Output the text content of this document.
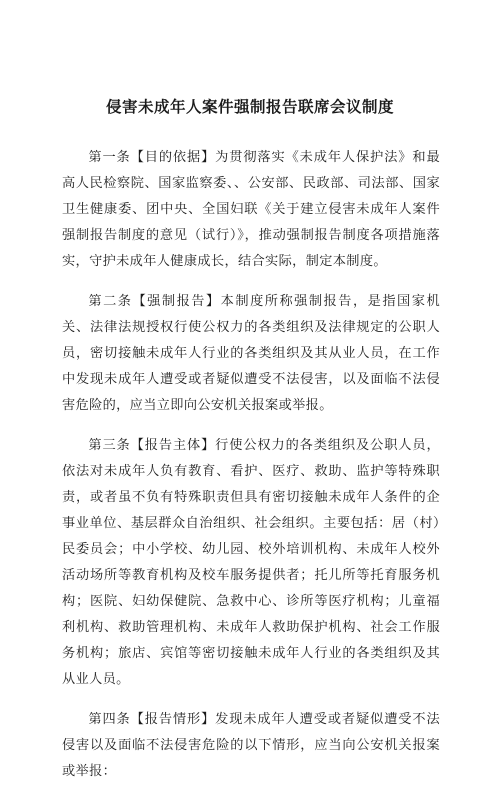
侵害未成年人案件强制报告联席会议制度

第一条【目的依据】为贯彻落实《未成年人保护法》和最高人民检察院、国家监察委、、公安部、民政部、司法部、国家卫生健康委、团中央、全国妇联《关于建立侵害未成年人案件强制报告制度的意见（试行）》，推动强制报告制度各项措施落实，守护未成年人健康成长，结合实际，制定本制度。

第二条【强制报告】本制度所称强制报告，是指国家机关、法律法规授权行使公权力的各类组织及法律规定的公职人员，密切接触未成年人行业的各类组织及其从业人员，在工作中发现未成年人遭受或者疑似遭受不法侵害，以及面临不法侵害危险的，应当立即向公安机关报案或举报。

第三条【报告主体】行使公权力的各类组织及公职人员，依法对未成年人负有教育、看护、医疗、救助、监护等特殊职责，或者虽不负有特殊职责但具有密切接触未成年人条件的企事业单位、基层群众自治组织、社会组织。主要包括：居（村）民委员会；中小学校、幼儿园、校外培训机构、未成年人校外活动场所等教育机构及校车服务提供者；托儿所等托育服务机构；医院、妇幼保健院、急救中心、诊所等医疗机构；儿童福利机构、救助管理机构、未成年人救助保护机构、社会工作服务机构；旅店、宾馆等密切接触未成年人行业的各类组织及其从业人员。

第四条【报告情形】发现未成年人遭受或者疑似遭受不法侵害以及面临不法侵害危险的以下情形，应当向公安机关报案或举报：
